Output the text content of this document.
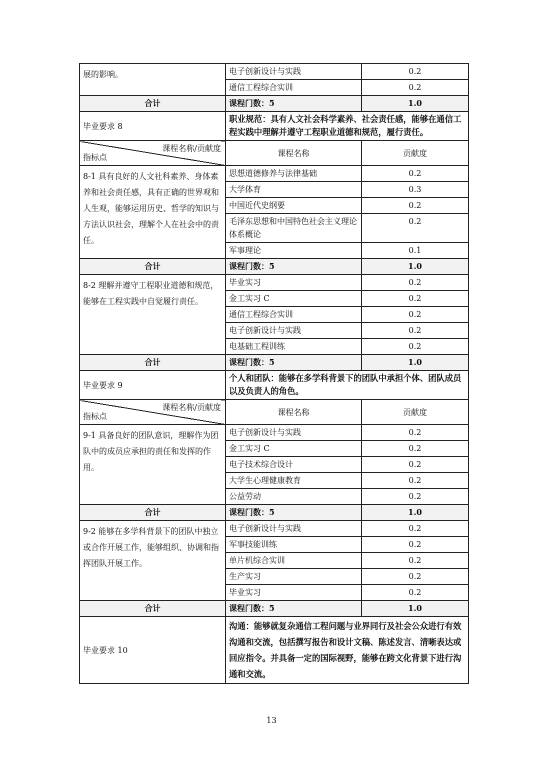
展的影响。	电子创新设计与实践	0.2
	通信工程综合实训	0.2
合计	课程门数：5	1.0
毕业要求 8	职业规范：具有人文社会科学素养、社会责任感，能够在通信工程实践中理解并遵守工程职业道德和规范，履行责任。	

课程名称/贡献度
指标点	课程名称	贡献度
8-1 具有良好的人文社科素养、身体素养和社会责任感，具有正确的世界观和人生观，能够运用历史、哲学的知识与方法认识社会，理解个人在社会中的责任。	思想道德修养与法律基础	0.2
	大学体育	0.3
	中国近代史纲要	0.2
	毛泽东思想和中国特色社会主义理论体系概论	0.2
	军事理论	0.1
合计	课程门数：5	1.0
8-2 理解并遵守工程职业道德和规范，能够在工程实践中自觉履行责任。	毕业实习	0.2
	金工实习 C	0.2
	通信工程综合实训	0.2
	电子创新设计与实践	0.2
	电基础工程训练	0.2
合计	课程门数：5	1.0
毕业要求 9	个人和团队：能够在多学科背景下的团队中承担个体、团队成员以及负责人的角色。	

课程名称/贡献度
指标点	课程名称	贡献度
9-1 具备良好的团队意识，理解作为团队中的成员应承担的责任和发挥的作用。	电子创新设计与实践	0.2
	金工实习 C	0.2
	电子技术综合设计	0.2
	大学生心理健康教育	0.2
	公益劳动	0.2
合计	课程门数：5	1.0
9-2 能够在多学科背景下的团队中独立或合作开展工作，能够组织、协调和指挥团队开展工作。	电子创新设计与实践	0.2
	军事技能训练	0.2
	单片机综合实训	0.2
	生产实习	0.2
	毕业实习	0.2
合计	课程门数：5	1.0
毕业要求 10	沟通：能够就复杂通信工程问题与业界同行及社会公众进行有效沟通和交流，包括撰写报告和设计文稿、陈述发言、清晰表达或回应指令。并具备一定的国际视野，能够在跨文化背景下进行沟通和交流。	
13
